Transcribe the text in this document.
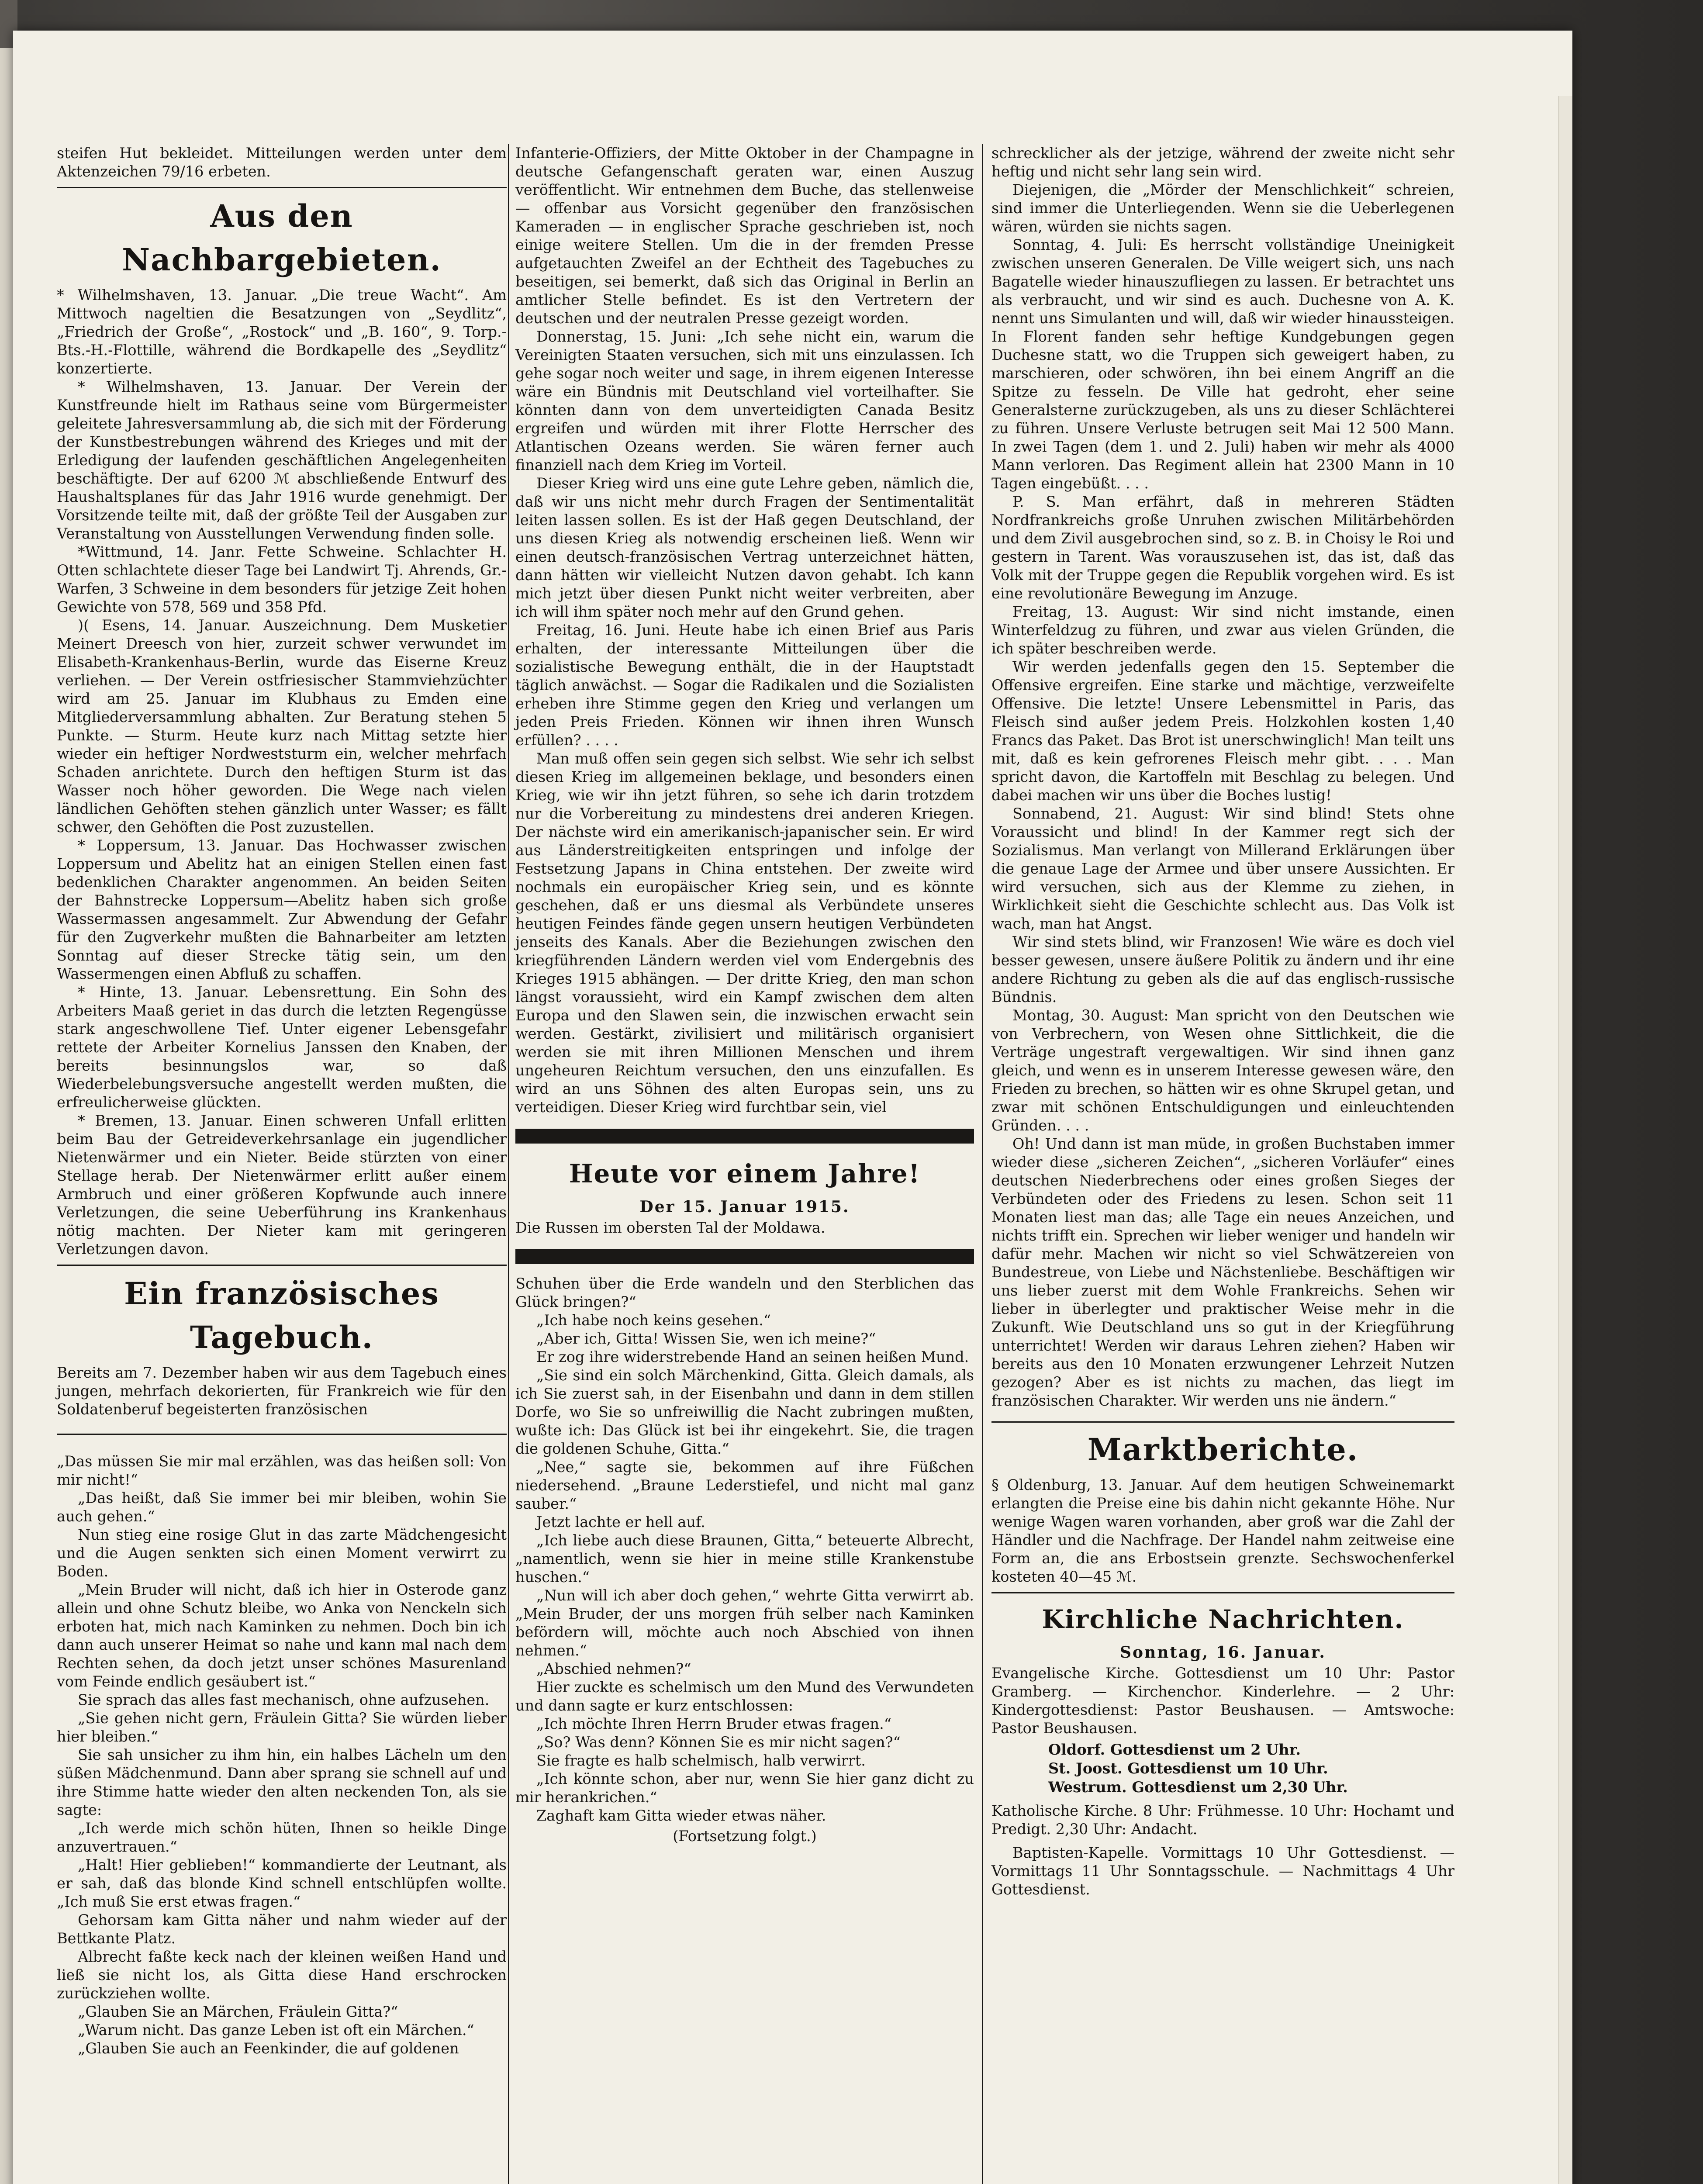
steifen Hut bekleidet. Mitteilungen werden unter dem Aktenzeichen 79/16 erbeten.

Aus den Nachbargebieten.

* Wilhelmshaven, 13. Januar. „Die treue Wacht“. Am Mittwoch nageltien die Besatzungen von „Seydlitz“, „Friedrich der Große“, „Rostock“ und „B. 160“, 9. Torp.-Bts.-H.-Flottille, während die Bordkapelle des „Seydlitz“ konzertierte.

* Wilhelmshaven, 13. Januar. Der Verein der Kunstfreunde hielt im Rathaus seine vom Bürgermeister geleitete Jahresversammlung ab, die sich mit der Förderung der Kunstbestrebungen während des Krieges und mit der Erledigung der laufenden geschäftlichen Angelegenheiten beschäftigte. Der auf 6200 ℳ abschließende Entwurf des Haushaltsplanes für das Jahr 1916 wurde genehmigt. Der Vorsitzende teilte mit, daß der größte Teil der Ausgaben zur Veranstaltung von Ausstellungen Verwendung finden solle.

*Wittmund, 14. Janr. Fette Schweine. Schlachter H. Otten schlachtete dieser Tage bei Landwirt Tj. Ahrends, Gr.-Warfen, 3 Schweine in dem besonders für jetzige Zeit hohen Gewichte von 578, 569 und 358 Pfd.

)( Esens, 14. Januar. Auszeichnung. Dem Musketier Meinert Dreesch von hier, zurzeit schwer verwundet im Elisabeth-Krankenhaus-Berlin, wurde das Eiserne Kreuz verliehen. — Der Verein ostfriesischer Stammviehzüchter wird am 25. Januar im Klubhaus zu Emden eine Mitgliederversammlung abhalten. Zur Beratung stehen 5 Punkte. — Sturm. Heute kurz nach Mittag setzte hier wieder ein heftiger Nordweststurm ein, welcher mehrfach Schaden anrichtete. Durch den heftigen Sturm ist das Wasser noch höher geworden. Die Wege nach vielen ländlichen Gehöften stehen gänzlich unter Wasser; es fällt schwer, den Gehöften die Post zuzustellen.

* Loppersum, 13. Januar. Das Hochwasser zwischen Loppersum und Abelitz hat an einigen Stellen einen fast bedenklichen Charakter angenommen. An beiden Seiten der Bahnstrecke Loppersum—Abelitz haben sich große Wassermassen angesammelt. Zur Abwendung der Gefahr für den Zugverkehr mußten die Bahnarbeiter am letzten Sonntag auf dieser Strecke tätig sein, um den Wassermengen einen Abfluß zu schaffen.

* Hinte, 13. Januar. Lebensrettung. Ein Sohn des Arbeiters Maaß geriet in das durch die letzten Regengüsse stark angeschwollene Tief. Unter eigener Lebensgefahr rettete der Arbeiter Kornelius Janssen den Knaben, der bereits besinnungslos war, so daß Wiederbelebungsversuche angestellt werden mußten, die erfreulicherweise glückten.

* Bremen, 13. Januar. Einen schweren Unfall erlitten beim Bau der Getreideverkehrsanlage ein jugendlicher Nietenwärmer und ein Nieter. Beide stürzten von einer Stellage herab. Der Nietenwärmer erlitt außer einem Armbruch und einer größeren Kopfwunde auch innere Verletzungen, die seine Ueberführung ins Krankenhaus nötig machten. Der Nieter kam mit geringeren Verletzungen davon.

Ein französisches Tagebuch.

Bereits am 7. Dezember haben wir aus dem Tagebuch eines jungen, mehrfach dekorierten, für Frankreich wie für den Soldatenberuf begeisterten französischen

„Das müssen Sie mir mal erzählen, was das heißen soll: Von mir nicht!“

„Das heißt, daß Sie immer bei mir bleiben, wohin Sie auch gehen.“

Nun stieg eine rosige Glut in das zarte Mädchengesicht und die Augen senkten sich einen Moment verwirrt zu Boden.

„Mein Bruder will nicht, daß ich hier in Osterode ganz allein und ohne Schutz bleibe, wo Anka von Nenckeln sich erboten hat, mich nach Kaminken zu nehmen. Doch bin ich dann auch unserer Heimat so nahe und kann mal nach dem Rechten sehen, da doch jetzt unser schönes Masurenland vom Feinde endlich gesäubert ist.“

Sie sprach das alles fast mechanisch, ohne aufzusehen.

„Sie gehen nicht gern, Fräulein Gitta? Sie würden lieber hier bleiben.“

Sie sah unsicher zu ihm hin, ein halbes Lächeln um den süßen Mädchenmund. Dann aber sprang sie schnell auf und ihre Stimme hatte wieder den alten neckenden Ton, als sie sagte:

„Ich werde mich schön hüten, Ihnen so heikle Dinge anzuvertrauen.“

„Halt! Hier geblieben!“ kommandierte der Leutnant, als er sah, daß das blonde Kind schnell entschlüpfen wollte. „Ich muß Sie erst etwas fragen.“

Gehorsam kam Gitta näher und nahm wieder auf der Bettkante Platz.

Albrecht faßte keck nach der kleinen weißen Hand und ließ sie nicht los, als Gitta diese Hand erschrocken zurückziehen wollte.

„Glauben Sie an Märchen, Fräulein Gitta?“

„Warum nicht. Das ganze Leben ist oft ein Märchen.“

„Glauben Sie auch an Feenkinder, die auf goldenen

Infanterie-Offiziers, der Mitte Oktober in der Champagne in deutsche Gefangenschaft geraten war, einen Auszug veröffentlicht. Wir entnehmen dem Buche, das stellenweise — offenbar aus Vorsicht gegenüber den französischen Kameraden — in englischer Sprache geschrieben ist, noch einige weitere Stellen. Um die in der fremden Presse aufgetauchten Zweifel an der Echtheit des Tagebuches zu beseitigen, sei bemerkt, daß sich das Original in Berlin an amtlicher Stelle befindet. Es ist den Vertretern der deutschen und der neutralen Presse gezeigt worden.

Donnerstag, 15. Juni: „Ich sehe nicht ein, warum die Vereinigten Staaten versuchen, sich mit uns einzulassen. Ich gehe sogar noch weiter und sage, in ihrem eigenen Interesse wäre ein Bündnis mit Deutschland viel vorteilhafter. Sie könnten dann von dem unverteidigten Canada Besitz ergreifen und würden mit ihrer Flotte Herrscher des Atlantischen Ozeans werden. Sie wären ferner auch finanziell nach dem Krieg im Vorteil.

Dieser Krieg wird uns eine gute Lehre geben, nämlich die, daß wir uns nicht mehr durch Fragen der Sentimentalität leiten lassen sollen. Es ist der Haß gegen Deutschland, der uns diesen Krieg als notwendig erscheinen ließ. Wenn wir einen deutsch-französischen Vertrag unterzeichnet hätten, dann hätten wir vielleicht Nutzen davon gehabt. Ich kann mich jetzt über diesen Punkt nicht weiter verbreiten, aber ich will ihm später noch mehr auf den Grund gehen.

Freitag, 16. Juni. Heute habe ich einen Brief aus Paris erhalten, der interessante Mitteilungen über die sozialistische Bewegung enthält, die in der Hauptstadt täglich anwächst. — Sogar die Radikalen und die Sozialisten erheben ihre Stimme gegen den Krieg und verlangen um jeden Preis Frieden. Können wir ihnen ihren Wunsch erfüllen? . . . .

Man muß offen sein gegen sich selbst. Wie sehr ich selbst diesen Krieg im allgemeinen beklage, und besonders einen Krieg, wie wir ihn jetzt führen, so sehe ich darin trotzdem nur die Vorbereitung zu mindestens drei anderen Kriegen. Der nächste wird ein amerikanisch-japanischer sein. Er wird aus Länderstreitigkeiten entspringen und infolge der Festsetzung Japans in China entstehen. Der zweite wird nochmals ein europäischer Krieg sein, und es könnte geschehen, daß er uns diesmal als Verbündete unseres heutigen Feindes fände gegen unsern heutigen Verbündeten jenseits des Kanals. Aber die Beziehungen zwischen den kriegführenden Ländern werden viel vom Endergebnis des Krieges 1915 abhängen. — Der dritte Krieg, den man schon längst voraussieht, wird ein Kampf zwischen dem alten Europa und den Slawen sein, die inzwischen erwacht sein werden. Gestärkt, zivilisiert und militärisch organisiert werden sie mit ihren Millionen Menschen und ihrem ungeheuren Reichtum versuchen, den uns einzufallen. Es wird an uns Söhnen des alten Europas sein, uns zu verteidigen. Dieser Krieg wird furchtbar sein, viel

Heute vor einem Jahre!
Der 15. Januar 1915.

Die Russen im obersten Tal der Moldawa.

Schuhen über die Erde wandeln und den Sterblichen das Glück bringen?“

„Ich habe noch keins gesehen.“

„Aber ich, Gitta! Wissen Sie, wen ich meine?“

Er zog ihre widerstrebende Hand an seinen heißen Mund.

„Sie sind ein solch Märchenkind, Gitta. Gleich damals, als ich Sie zuerst sah, in der Eisenbahn und dann in dem stillen Dorfe, wo Sie so unfreiwillig die Nacht zubringen mußten, wußte ich: Das Glück ist bei ihr eingekehrt. Sie, die tragen die goldenen Schuhe, Gitta.“

„Nee,“ sagte sie, bekommen auf ihre Füßchen niedersehend. „Braune Lederstiefel, und nicht mal ganz sauber.“

Jetzt lachte er hell auf.

„Ich liebe auch diese Braunen, Gitta,“ beteuerte Albrecht, „namentlich, wenn sie hier in meine stille Krankenstube huschen.“

„Nun will ich aber doch gehen,“ wehrte Gitta verwirrt ab. „Mein Bruder, der uns morgen früh selber nach Kaminken befördern will, möchte auch noch Abschied von ihnen nehmen.“

„Abschied nehmen?“

Hier zuckte es schelmisch um den Mund des Verwundeten und dann sagte er kurz entschlossen:

„Ich möchte Ihren Herrn Bruder etwas fragen.“

„So? Was denn? Können Sie es mir nicht sagen?“

Sie fragte es halb schelmisch, halb verwirrt.

„Ich könnte schon, aber nur, wenn Sie hier ganz dicht zu mir herankrichen.“

Zaghaft kam Gitta wieder etwas näher.

(Fortsetzung folgt.)

schrecklicher als der jetzige, während der zweite nicht sehr heftig und nicht sehr lang sein wird.

Diejenigen, die „Mörder der Menschlichkeit“ schreien, sind immer die Unterliegenden. Wenn sie die Ueberlegenen wären, würden sie nichts sagen.

Sonntag, 4. Juli: Es herrscht vollständige Uneinigkeit zwischen unseren Generalen. De Ville weigert sich, uns nach Bagatelle wieder hinauszufliegen zu lassen. Er betrachtet uns als verbraucht, und wir sind es auch. Duchesne von A. K. nennt uns Simulanten und will, daß wir wieder hinaussteigen. In Florent fanden sehr heftige Kundgebungen gegen Duchesne statt, wo die Truppen sich geweigert haben, zu marschieren, oder schwören, ihn bei einem Angriff an die Spitze zu fesseln. De Ville hat gedroht, eher seine Generalsterne zurückzugeben, als uns zu dieser Schlächterei zu führen. Unsere Verluste betrugen seit Mai 12 500 Mann. In zwei Tagen (dem 1. und 2. Juli) haben wir mehr als 4000 Mann verloren. Das Regiment allein hat 2300 Mann in 10 Tagen eingebüßt. . . .

P. S. Man erfährt, daß in mehreren Städten Nordfrankreichs große Unruhen zwischen Militärbehörden und dem Zivil ausgebrochen sind, so z. B. in Choisy le Roi und gestern in Tarent. Was vorauszusehen ist, das ist, daß das Volk mit der Truppe gegen die Republik vorgehen wird. Es ist eine revolutionäre Bewegung im Anzuge.

Freitag, 13. August: Wir sind nicht imstande, einen Winterfeldzug zu führen, und zwar aus vielen Gründen, die ich später beschreiben werde.

Wir werden jedenfalls gegen den 15. September die Offensive ergreifen. Eine starke und mächtige, verzweifelte Offensive. Die letzte! Unsere Lebensmittel in Paris, das Fleisch sind außer jedem Preis. Holzkohlen kosten 1,40 Francs das Paket. Das Brot ist unerschwinglich! Man teilt uns mit, daß es kein gefrorenes Fleisch mehr gibt. . . . Man spricht davon, die Kartoffeln mit Beschlag zu belegen. Und dabei machen wir uns über die Boches lustig!

Sonnabend, 21. August: Wir sind blind! Stets ohne Voraussicht und blind! In der Kammer regt sich der Sozialismus. Man verlangt von Millerand Erklärungen über die genaue Lage der Armee und über unsere Aussichten. Er wird versuchen, sich aus der Klemme zu ziehen, in Wirklichkeit sieht die Geschichte schlecht aus. Das Volk ist wach, man hat Angst.

Wir sind stets blind, wir Franzosen! Wie wäre es doch viel besser gewesen, unsere äußere Politik zu ändern und ihr eine andere Richtung zu geben als die auf das englisch-russische Bündnis.

Montag, 30. August: Man spricht von den Deutschen wie von Verbrechern, von Wesen ohne Sittlichkeit, die die Verträge ungestraft vergewaltigen. Wir sind ihnen ganz gleich, und wenn es in unserem Interesse gewesen wäre, den Frieden zu brechen, so hätten wir es ohne Skrupel getan, und zwar mit schönen Entschuldigungen und einleuchtenden Gründen. . . .

Oh! Und dann ist man müde, in großen Buchstaben immer wieder diese „sicheren Zeichen“, „sicheren Vorläufer“ eines deutschen Niederbrechens oder eines großen Sieges der Verbündeten oder des Friedens zu lesen. Schon seit 11 Monaten liest man das; alle Tage ein neues Anzeichen, und nichts trifft ein. Sprechen wir lieber weniger und handeln wir dafür mehr. Machen wir nicht so viel Schwätzereien von Bundestreue, von Liebe und Nächstenliebe. Beschäftigen wir uns lieber zuerst mit dem Wohle Frankreichs. Sehen wir lieber in überlegter und praktischer Weise mehr in die Zukunft. Wie Deutschland uns so gut in der Kriegführung unterrichtet! Werden wir daraus Lehren ziehen? Haben wir bereits aus den 10 Monaten erzwungener Lehrzeit Nutzen gezogen? Aber es ist nichts zu machen, das liegt im französischen Charakter. Wir werden uns nie ändern.“

Marktberichte.

§ Oldenburg, 13. Januar. Auf dem heutigen Schweinemarkt erlangten die Preise eine bis dahin nicht gekannte Höhe. Nur wenige Wagen waren vorhanden, aber groß war die Zahl der Händler und die Nachfrage. Der Handel nahm zeitweise eine Form an, die ans Erbostsein grenzte. Sechswochenferkel kosteten 40—45 ℳ.

Kirchliche Nachrichten.
Sonntag, 16. Januar.

Evangelische Kirche. Gottesdienst um 10 Uhr: Pastor Gramberg. — Kirchenchor. Kinderlehre. — 2 Uhr: Kindergottesdienst: Pastor Beushausen. — Amtswoche: Pastor Beushausen.

Oldorf. Gottesdienst um 2 Uhr.
St. Joost. Gottesdienst um 10 Uhr.
Westrum. Gottesdienst um 2,30 Uhr.

Katholische Kirche. 8 Uhr: Frühmesse. 10 Uhr: Hochamt und Predigt. 2,30 Uhr: Andacht.

Baptisten-Kapelle. Vormittags 10 Uhr Gottesdienst. — Vormittags 11 Uhr Sonntagsschule. — Nachmittags 4 Uhr Gottesdienst.
